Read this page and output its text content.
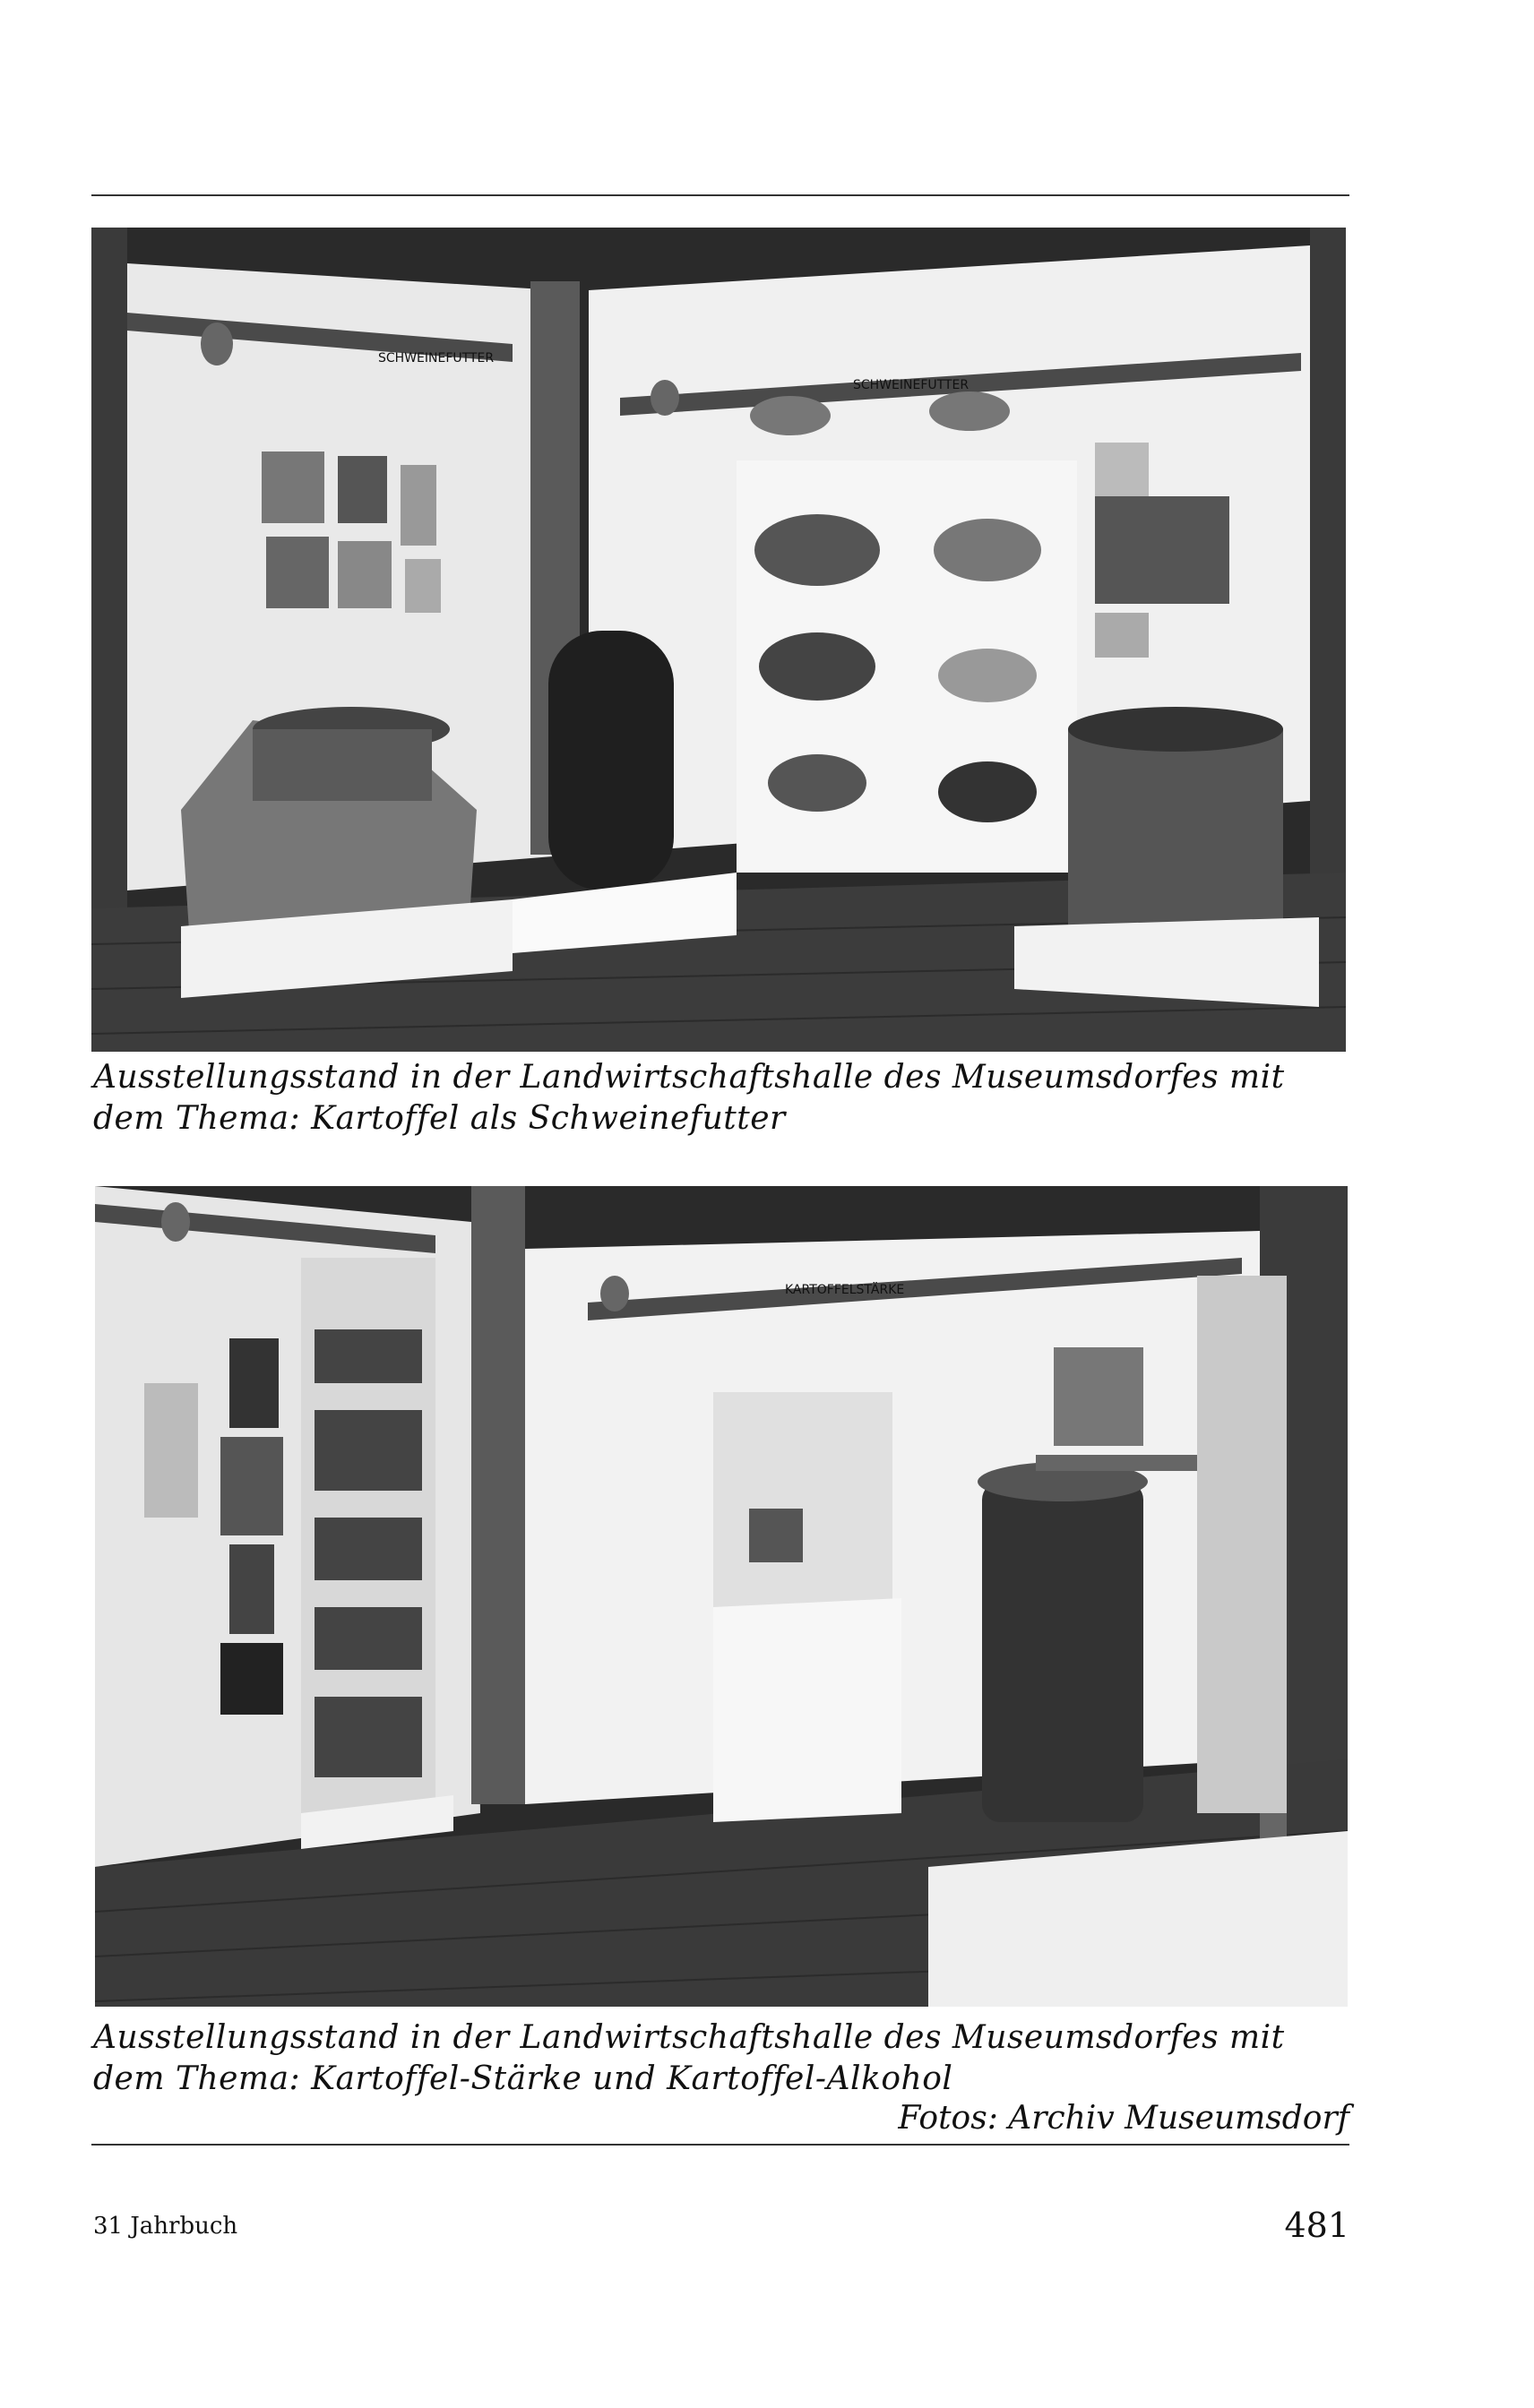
SCHWEINEFUTTER
SCHWEINEFUTTER
Ausstellungsstand in der Landwirtschaftshalle des Museumsdorfes mit
dem Thema: Kartoffel als Schweinefutter
KARTOFFELSTÄRKE
Ausstellungsstand in der Landwirtschaftshalle des Museumsdorfes mit
dem Thema: Kartoffel-Stärke und Kartoffel-Alkohol
Fotos: Archiv Museumsdorf
31 Jahrbuch	481
